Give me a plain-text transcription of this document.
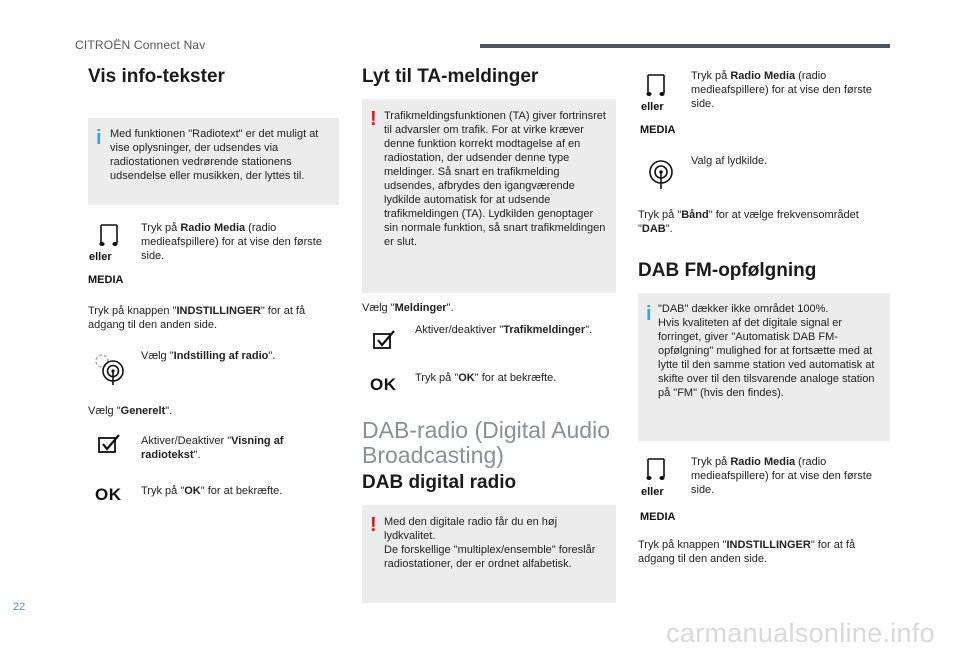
CITROËN Connect Nav
22
carmanualsonline.info
Vis info-tekster
i Med funktionen "Radiotext" er det muligt at vise oplysninger, der udsendes via radiostationen vedrørende stationens udsendelse eller musikken, der lyttes til.

eller
MEDIA
Tryk på Radio Media (radio medieafspillere) for at vise den første side.
Tryk på knappen "INDSTILLINGER" for at få adgang til den anden side.
Vælg "Indstilling af radio".
Vælg "Generelt".
Aktiver/Deaktiver "Visning af radiotekst".
OK Tryk på "OK" for at bekræfte.
Lyt til TA-meldinger
! Trafikmeldingsfunktionen (TA) giver fortrinsret til advarsler om trafik. For at virke kræver denne funktion korrekt modtagelse af en radiostation, der udsender denne type meldinger. Så snart en trafikmelding udsendes, afbrydes den igangværende lydkilde automatisk for at udsende trafikmeldingen (TA). Lydkilden genoptager sin normale funktion, så snart trafikmeldingen er slut.

Vælg "Meldinger".
Aktiver/deaktiver "Trafikmeldinger".
OK Tryk på "OK" for at bekræfte.
DAB-radio (Digital Audio Broadcasting)
DAB digital radio
! Med den digitale radio får du en høj lydkvalitet.
De forskellige "multiplex/ensemble" foreslår radiostationer, der er ordnet alfabetisk.

eller
MEDIA
Tryk på Radio Media (radio medieafspillere) for at vise den første side.
Valg af lydkilde.
Tryk på "Bånd" for at vælge frekvensområdet "DAB".
DAB FM-opfølgning
i "DAB" dækker ikke området 100%.
Hvis kvaliteten af det digitale signal er forringet, giver "Automatisk DAB FM-opfølgning" mulighed for at fortsætte med at lytte til den samme station ved automatisk at skifte over til den tilsvarende analoge station på "FM" (hvis den findes).

eller
MEDIA
Tryk på Radio Media (radio medieafspillere) for at vise den første side.
Tryk på knappen "INDSTILLINGER" for at få adgang til den anden side.
